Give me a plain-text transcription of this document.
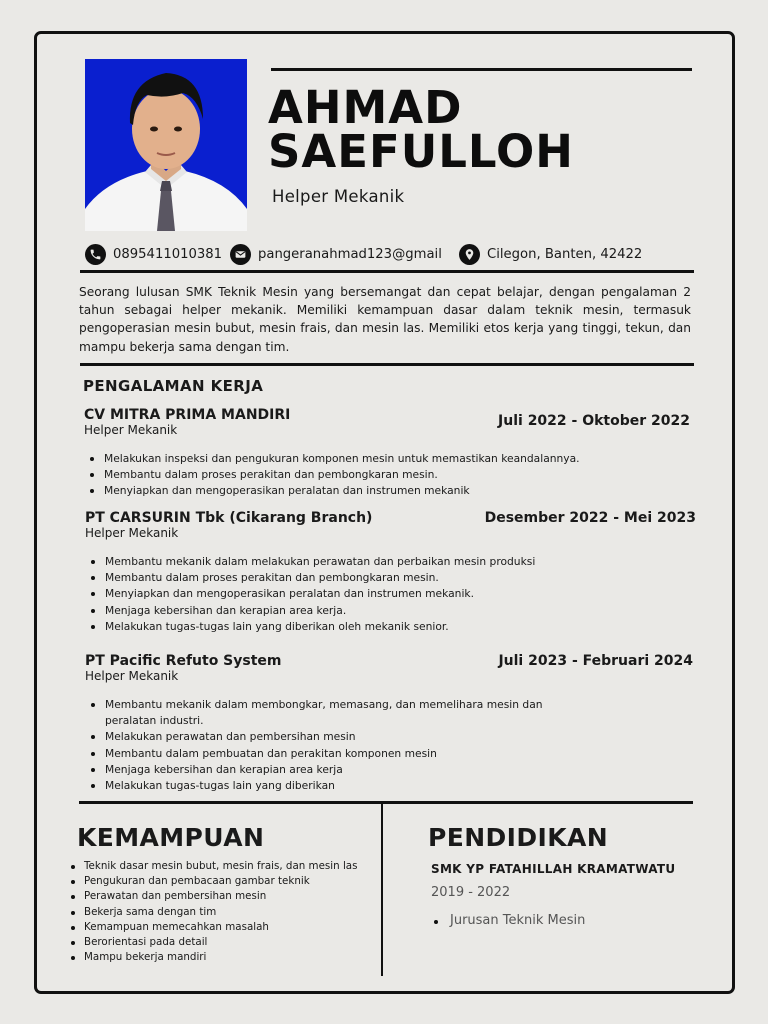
AHMAD
SAEFULLOH
Helper Mekanik
0895411010381	pangeranahmad123@gmail	Cilegon, Banten, 42422

Seorang lulusan SMK Teknik Mesin yang bersemangat dan cepat belajar, dengan pengalaman 2 tahun sebagai helper mekanik. Memiliki kemampuan dasar dalam teknik mesin, termasuk pengoperasian mesin bubut, mesin frais, dan mesin las. Memiliki etos kerja yang tinggi, tekun, dan mampu bekerja sama dengan tim.

PENGALAMAN KERJA
CV MITRA PRIMA MANDIRI	Juli 2022 - Oktober 2022
Helper Mekanik
Melakukan inspeksi dan pengukuran komponen mesin untuk memastikan keandalannya.
Membantu dalam proses perakitan dan pembongkaran mesin.
Menyiapkan dan mengoperasikan peralatan dan instrumen mekanik
PT CARSURIN Tbk (Cikarang Branch)	Desember 2022 - Mei 2023
Helper Mekanik
Membantu mekanik dalam melakukan perawatan dan perbaikan mesin produksi
Membantu dalam proses perakitan dan pembongkaran mesin.
Menyiapkan dan mengoperasikan peralatan dan instrumen mekanik.
Menjaga kebersihan dan kerapian area kerja.
Melakukan tugas-tugas lain yang diberikan oleh mekanik senior.
PT Pacific Refuto System	Juli 2023 - Februari 2024
Helper Mekanik
Membantu mekanik dalam membongkar, memasang, dan memelihara mesin dan peralatan industri.
Melakukan perawatan dan pembersihan mesin
Membantu dalam pembuatan dan perakitan komponen mesin
Menjaga kebersihan dan kerapian area kerja
Melakukan tugas-tugas lain yang diberikan
KEMAMPUAN
Teknik dasar mesin bubut, mesin frais, dan mesin las
Pengukuran dan pembacaan gambar teknik
Perawatan dan pembersihan mesin
Bekerja sama dengan tim
Kemampuan memecahkan masalah
Berorientasi pada detail
Mampu bekerja mandiri
PENDIDIKAN
SMK YP FATAHILLAH KRAMATWATU
2019 - 2022
Jurusan Teknik Mesin
